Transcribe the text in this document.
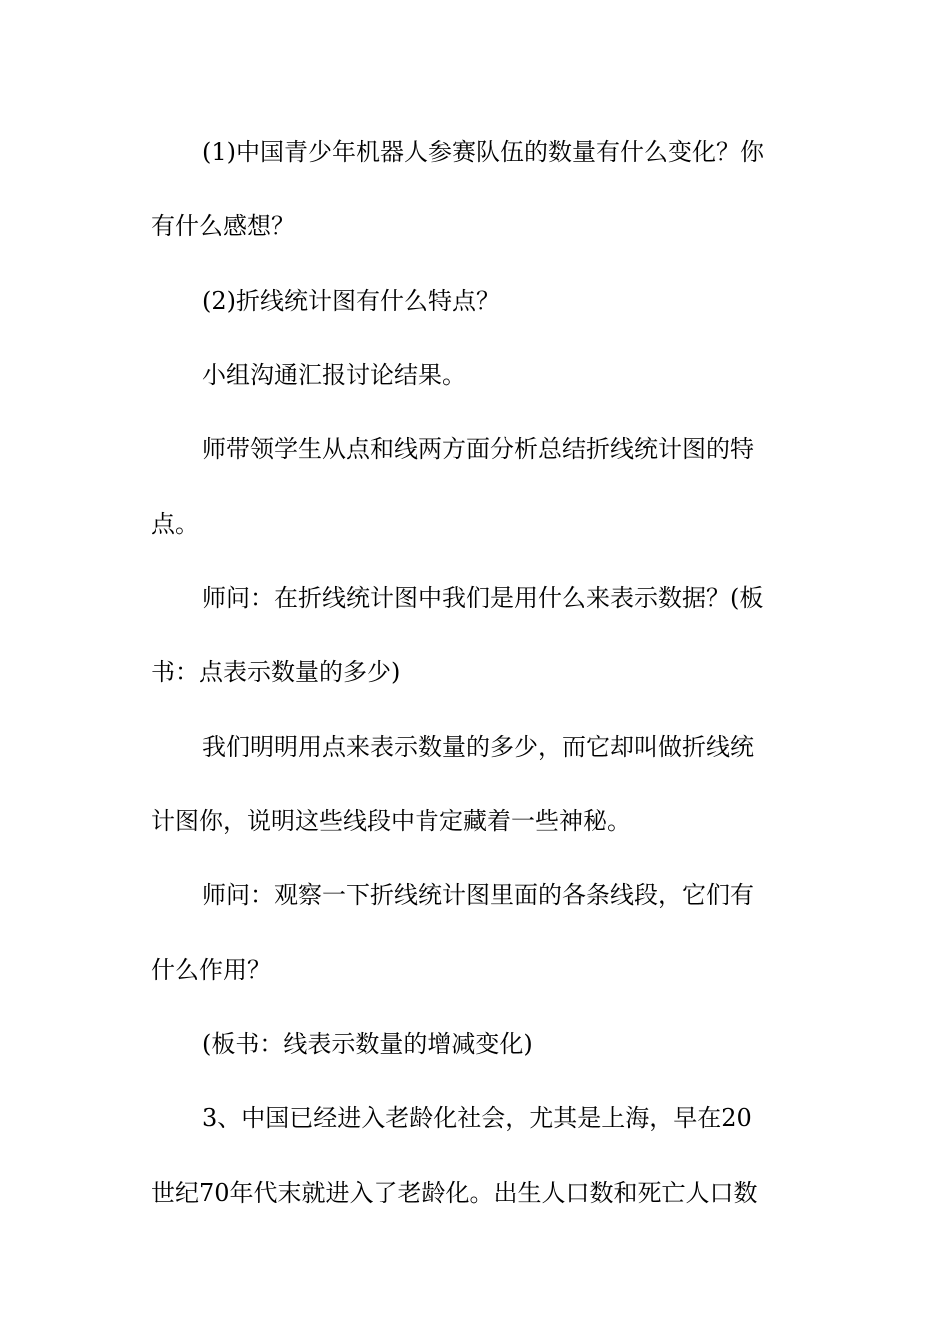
(1)中国青少年机器人参赛队伍的数量有什么变化？你
有什么感想？
(2)折线统计图有什么特点？
小组沟通汇报讨论结果。
师带领学生从点和线两方面分析总结折线统计图的特
点。
师问：在折线统计图中我们是用什么来表示数据？(板
书：点表示数量的多少)
我们明明用点来表示数量的多少，而它却叫做折线统
计图你，说明这些线段中肯定藏着一些神秘。
师问：观察一下折线统计图里面的各条线段，它们有
什么作用？
(板书：线表示数量的增减变化)
3、中国已经进入老龄化社会，尤其是上海，早在20
世纪70年代末就进入了老龄化。出生人口数和死亡人口数
